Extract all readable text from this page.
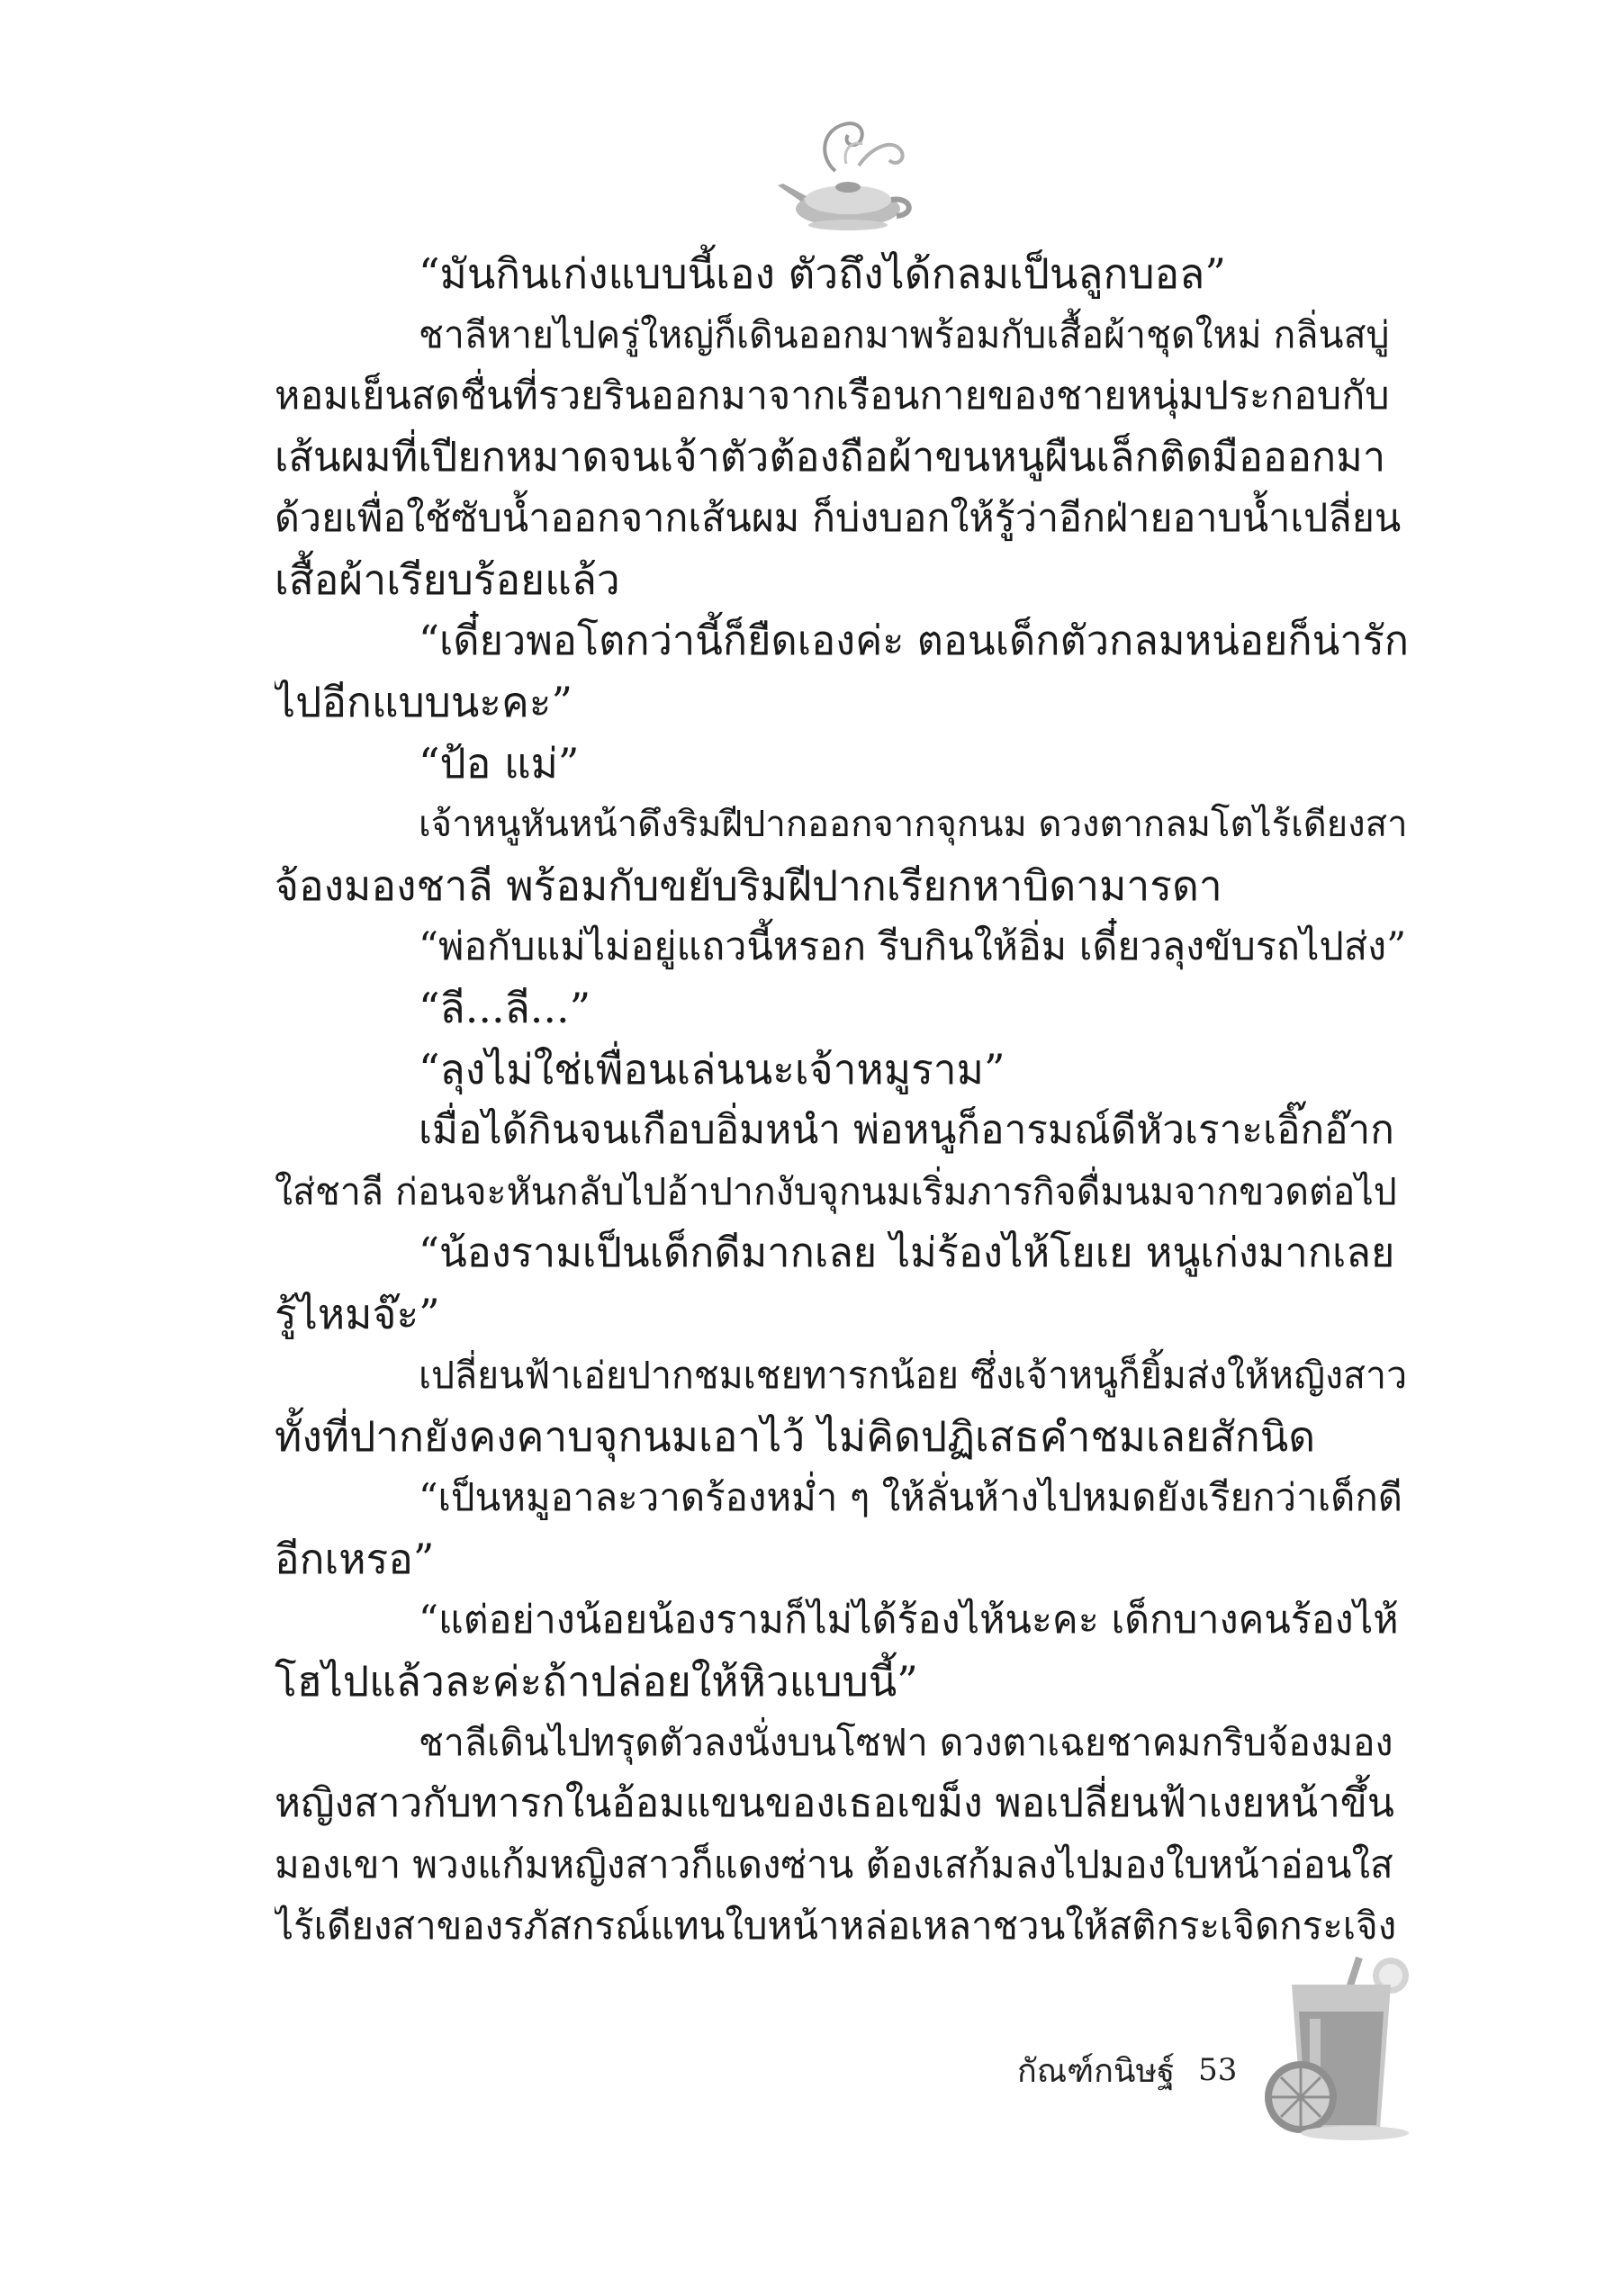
“มันกินเก่งแบบนี้เอง ตัวถึงได้กลมเป็นลูกบอล”
ชาลีหายไปครู่ใหญ่ก็เดินออกมาพร้อมกับเสื้อผ้าชุดใหม่ กลิ่นสบู่
หอมเย็นสดชื่นที่รวยรินออกมาจากเรือนกายของชายหนุ่มประกอบกับ
เส้นผมที่เปียกหมาดจนเจ้าตัวต้องถือผ้าขนหนูผืนเล็กติดมือออกมา
ด้วยเพื่อใช้ซับน้ำออกจากเส้นผม ก็บ่งบอกให้รู้ว่าอีกฝ่ายอาบน้ำเปลี่ยน
เสื้อผ้าเรียบร้อยแล้ว
“เดี๋ยวพอโตกว่านี้ก็ยืดเองค่ะ ตอนเด็กตัวกลมหน่อยก็น่ารัก
ไปอีกแบบนะคะ”
“ป้อ แม่”
เจ้าหนูหันหน้าดึงริมฝีปากออกจากจุกนม ดวงตากลมโตไร้เดียงสา
จ้องมองชาลี พร้อมกับขยับริมฝีปากเรียกหาบิดามารดา
“พ่อกับแม่ไม่อยู่แถวนี้หรอก รีบกินให้อิ่ม เดี๋ยวลุงขับรถไปส่ง”
“ลี...ลี...”
“ลุงไม่ใช่เพื่อนเล่นนะเจ้าหมูราม”
เมื่อได้กินจนเกือบอิ่มหนำ พ่อหนูก็อารมณ์ดีหัวเราะเอิ๊กอ๊าก
ใส่ชาลี ก่อนจะหันกลับไปอ้าปากงับจุกนมเริ่มภารกิจดื่มนมจากขวดต่อไป
“น้องรามเป็นเด็กดีมากเลย ไม่ร้องไห้โยเย หนูเก่งมากเลย
รู้ไหมจ๊ะ”
เปลี่ยนฟ้าเอ่ยปากชมเชยทารกน้อย ซึ่งเจ้าหนูก็ยิ้มส่งให้หญิงสาว
ทั้งที่ปากยังคงคาบจุกนมเอาไว้ ไม่คิดปฏิเสธคำชมเลยสักนิด
“เป็นหมูอาละวาดร้องหม่ำ ๆ ให้ลั่นห้างไปหมดยังเรียกว่าเด็กดี
อีกเหรอ”
“แต่อย่างน้อยน้องรามก็ไม่ได้ร้องไห้นะคะ เด็กบางคนร้องไห้
โฮไปแล้วละค่ะถ้าปล่อยให้หิวแบบนี้”
ชาลีเดินไปทรุดตัวลงนั่งบนโซฟา ดวงตาเฉยชาคมกริบจ้องมอง
หญิงสาวกับทารกในอ้อมแขนของเธอเขม็ง พอเปลี่ยนฟ้าเงยหน้าขึ้น
มองเขา พวงแก้มหญิงสาวก็แดงซ่าน ต้องเสก้มลงไปมองใบหน้าอ่อนใส
ไร้เดียงสาของรภัสกรณ์แทนใบหน้าหล่อเหลาชวนให้สติกระเจิดกระเจิง
กัณฑ์กนิษฐ์ 53
